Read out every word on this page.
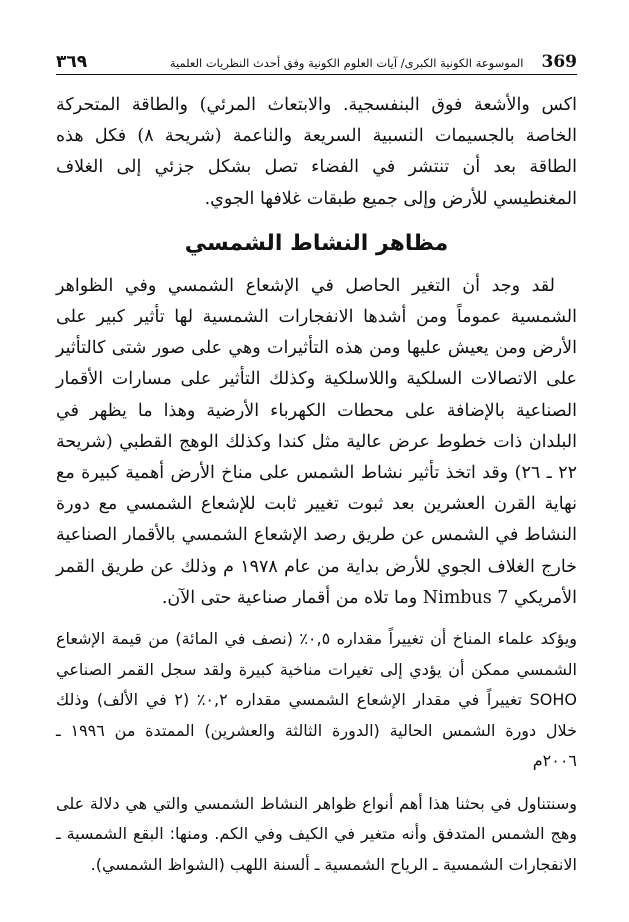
٣٦٩	الموسوعة الكونية الكبرى/ آيات العلوم الكونية وفق أحدث النظريات العلمية	369

اكس والأشعة فوق البنفسجية. والابتعاث المرئي) والطاقة المتحركة الخاصة بالجسيمات النسبية السريعة والناعمة (شريحة ٨) فكل هذه الطاقة بعد أن تنتشر في الفضاء تصل بشكل جزئي إلى الغلاف المغنطيسي للأرض وإلى جميع طبقات غلافها الجوي.

مظاهر النشاط الشمسي

لقد وجد أن التغير الحاصل في الإشعاع الشمسي وفي الظواهر الشمسية عموماً ومن أشدها الانفجارات الشمسية لها تأثير كبير على الأرض ومن يعيش عليها ومن هذه التأثيرات وهي على صور شتى كالتأثير على الاتصالات السلكية واللاسلكية وكذلك التأثير على مسارات الأقمار الصناعية بالإضافة على محطات الكهرباء الأرضية وهذا ما يظهر في البلدان ذات خطوط عرض عالية مثل كندا وكذلك الوهج القطبي (شريحة ٢٢ ـ ٢٦) وقد اتخذ تأثير نشاط الشمس على مناخ الأرض أهمية كبيرة مع نهاية القرن العشرين بعد ثبوت تغيير ثابت للإشعاع الشمسي مع دورة النشاط في الشمس عن طريق رصد الإشعاع الشمسي بالأقمار الصناعية خارج الغلاف الجوي للأرض بداية من عام ١٩٧٨ م وذلك عن طريق القمر الأمريكي Nimbus 7 وما تلاه من أقمار صناعية حتى الآن.

ويؤكد علماء المناخ أن تغييراً مقداره ٠,٥٪ (نصف في المائة) من قيمة الإشعاع الشمسي ممكن أن يؤدي إلى تغيرات مناخية كبيرة ولقد سجل القمر الصناعي SOHO تغييراً في مقدار الإشعاع الشمسي مقداره ٠,٢٪ (٢ في الألف) وذلك خلال دورة الشمس الحالية (الدورة الثالثة والعشرين) الممتدة من ١٩٩٦ ـ ٢٠٠٦م

وسنتناول في بحثنا هذا أهم أنواع ظواهر النشاط الشمسي والتي هي دلالة على وهج الشمس المتدفق وأنه متغير في الكيف وفي الكم. ومنها: البقع الشمسية ـ الانفجارات الشمسية ـ الرياح الشمسية ـ ألسنة اللهب (الشواظ الشمسي).
